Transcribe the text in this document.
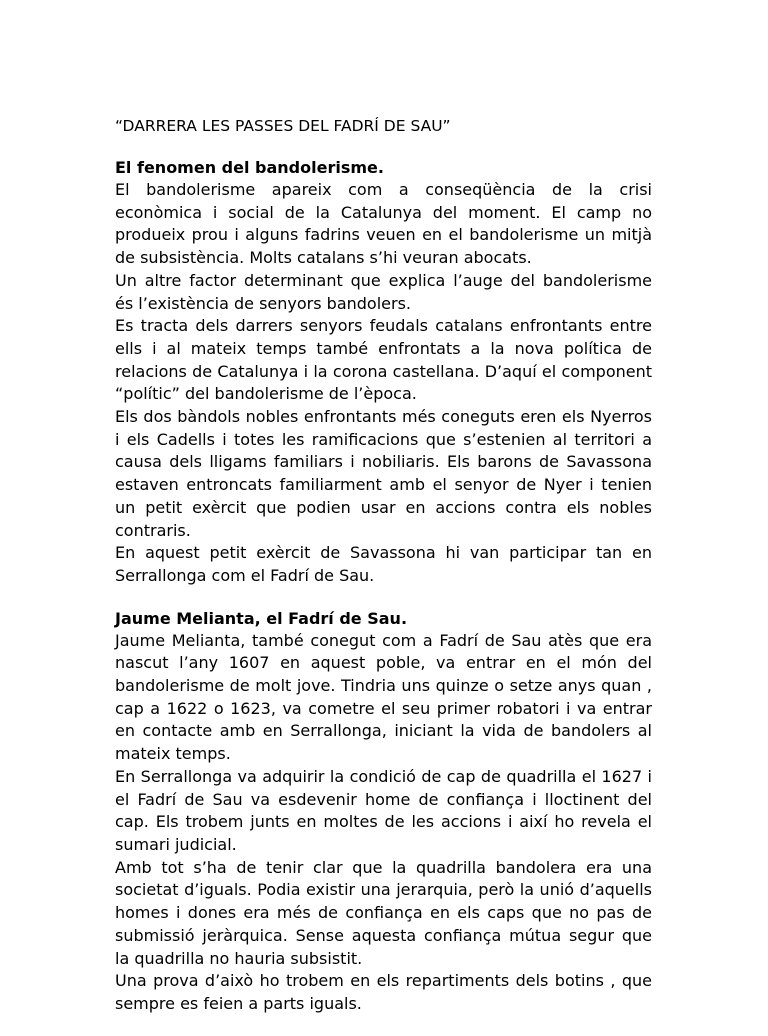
“DARRERA LES PASSES DEL FADRÍ DE SAU”
El fenomen del bandolerisme.

El bandolerisme apareix com a conseqüència de la crisi econòmica i social de la Catalunya del moment. El camp no produeix prou i alguns fadrins veuen en el bandolerisme un mitjà de subsistència. Molts catalans s’hi veuran abocats.

Un altre factor determinant que explica l’auge del bandolerisme és l’existència de senyors bandolers.

Es tracta dels darrers senyors feudals catalans enfrontants entre ells i al mateix temps també enfrontats a la nova política de relacions de Catalunya i la corona castellana. D’aquí el component “polític” del bandolerisme de l’època.

Els dos bàndols nobles enfrontants més coneguts eren els Nyerros i els Cadells i totes les ramificacions que s’estenien al territori a causa dels lligams familiars i nobiliaris. Els barons de Savassona estaven entroncats familiarment amb el senyor de Nyer i tenien un petit exèrcit que podien usar en accions contra els nobles contraris.

En aquest petit exèrcit de Savassona hi van participar tan en Serrallonga com el Fadrí de Sau.

Jaume Melianta, el Fadrí de Sau.

Jaume Melianta, també conegut com a Fadrí de Sau atès que era nascut l’any 1607 en aquest poble, va entrar en el món del bandolerisme de molt jove. Tindria uns quinze o setze anys quan , cap a 1622 o 1623, va cometre el seu primer robatori i va entrar en contacte amb en Serrallonga, iniciant la vida de bandolers al mateix temps.

En Serrallonga va adquirir la condició de cap de quadrilla el 1627 i el Fadrí de Sau va esdevenir home de confiança i lloctinent del cap. Els trobem junts en moltes de les accions i així ho revela el sumari judicial.

Amb tot s’ha de tenir clar que la quadrilla bandolera era una societat d’iguals. Podia existir una jerarquia, però la unió d’aquells homes i dones era més de confiança en els caps que no pas de submissió jeràrquica. Sense aquesta confiança mútua segur que la quadrilla no hauria subsistit.

Una prova d’això ho trobem en els repartiments dels botins , que sempre es feien a parts iguals.
